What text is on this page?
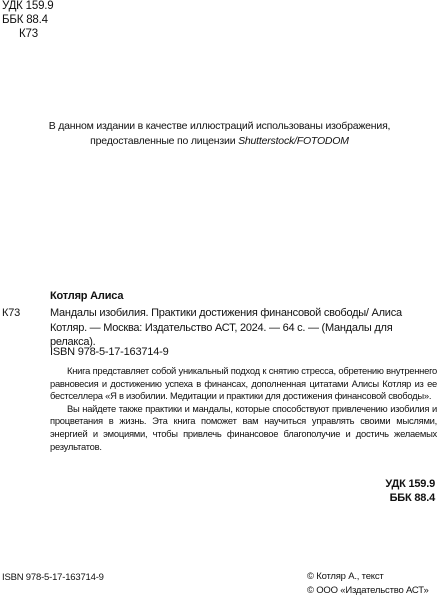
УДК 159.9
ББК 88.4
К73
В данном издании в качестве иллюстраций использованы изображения,
предоставленные по лицензии Shutterstock/FOTODOM
Котляр Алиса
К73	Мандалы изобилия. Практики достижения финансовой свободы/ Алиса Котляр. — Москва: Издательство АСТ, 2024. — 64 с. — (Мандалы для релакса).
ISBN 978-5-17-163714-9

Книга представляет собой уникальный подход к снятию стресса, обретению внутреннего равновесия и достижению успеха в финансах, дополненная цитатами Алисы Котляр из ее бестселлера «Я в изобилии. Медитации и практики для достижения финансовой свободы».

Вы найдете также практики и мандалы, которые способствуют привлечению изобилия и процветания в жизнь. Эта книга поможет вам научиться управлять своими мыслями, энергией и эмоциями, чтобы привлечь финансовое благополучие и достичь желаемых результатов.

УДК 159.9
ББК 88.4
ISBN 978-5-17-163714-9	© Котляр А., текст
© ООО «Издательство АСТ»
